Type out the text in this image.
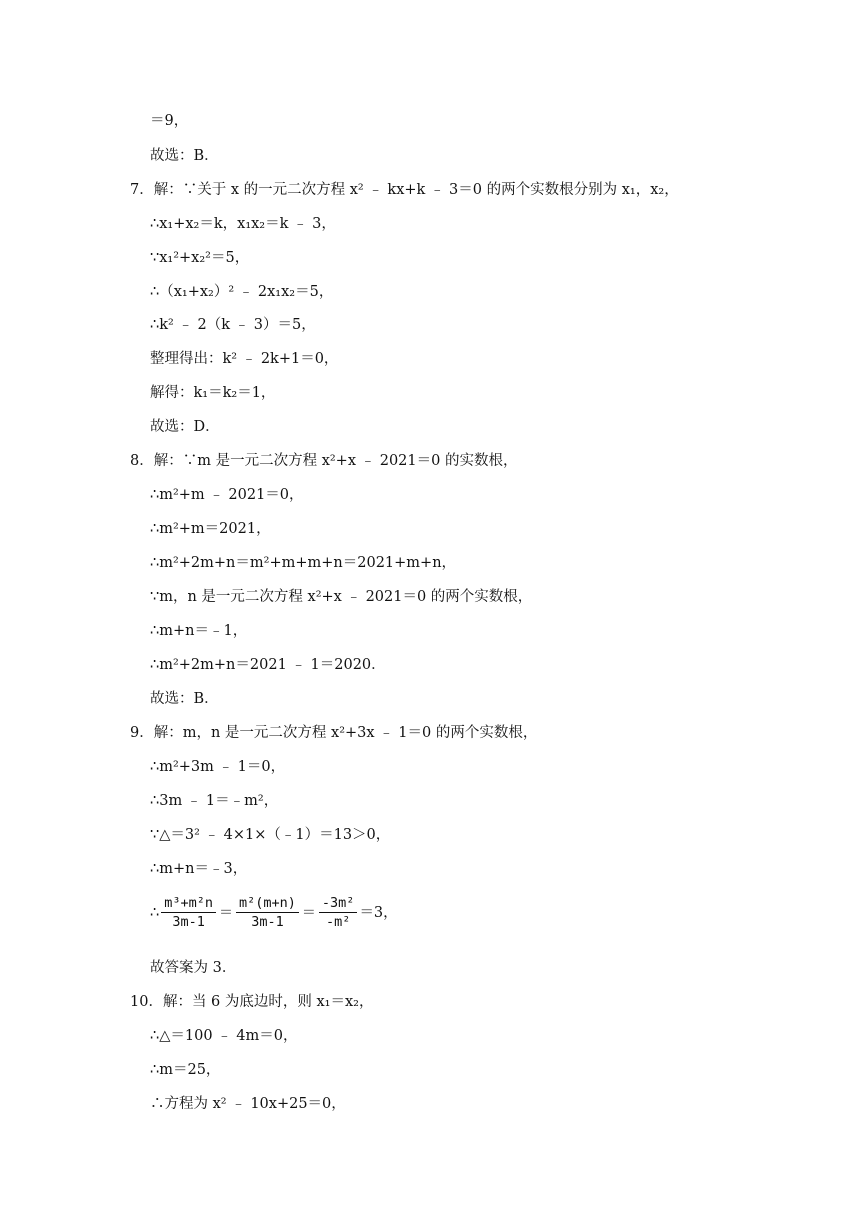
＝9，
故选：B．
7．解：∵关于 x 的一元二次方程 x² ﹣ kx+k ﹣ 3＝0 的两个实数根分别为 x₁，x₂，
∴x₁+x₂＝k，x₁x₂＝k ﹣ 3，
∵x₁²+x₂²＝5，
∴（x₁+x₂）² ﹣ 2x₁x₂＝5，
∴k² ﹣ 2（k ﹣ 3）＝5，
整理得出：k² ﹣ 2k+1＝0，
解得：k₁＝k₂＝1，
故选：D．
8．解：∵m 是一元二次方程 x²+x ﹣ 2021＝0 的实数根，
∴m²+m ﹣ 2021＝0，
∴m²+m＝2021，
∴m²+2m+n＝m²+m+m+n＝2021+m+n，
∵m，n 是一元二次方程 x²+x ﹣ 2021＝0 的两个实数根，
∴m+n＝﹣1，
∴m²+2m+n＝2021 ﹣ 1＝2020．
故选：B．
9．解：m，n 是一元二次方程 x²+3x ﹣ 1＝0 的两个实数根，
∴m²+3m ﹣ 1＝0，
∴3m ﹣ 1＝﹣m²，
∵△＝3² ﹣ 4×1×（﹣1）＝13＞0，
∴m+n＝﹣3，
故答案为 3．
10．解：当 6 为底边时，则 x₁＝x₂，
∴△＝100 ﹣ 4m＝0，
∴m＝25，
∴方程为 x² ﹣ 10x+25＝0，
∴ $\frac{\text{m³+m²n}}{3m-1} = \frac{\text{m²(m+n)}}{3m-1} = \frac{\text{-3m²}}{\text{-m²}} =3$，
